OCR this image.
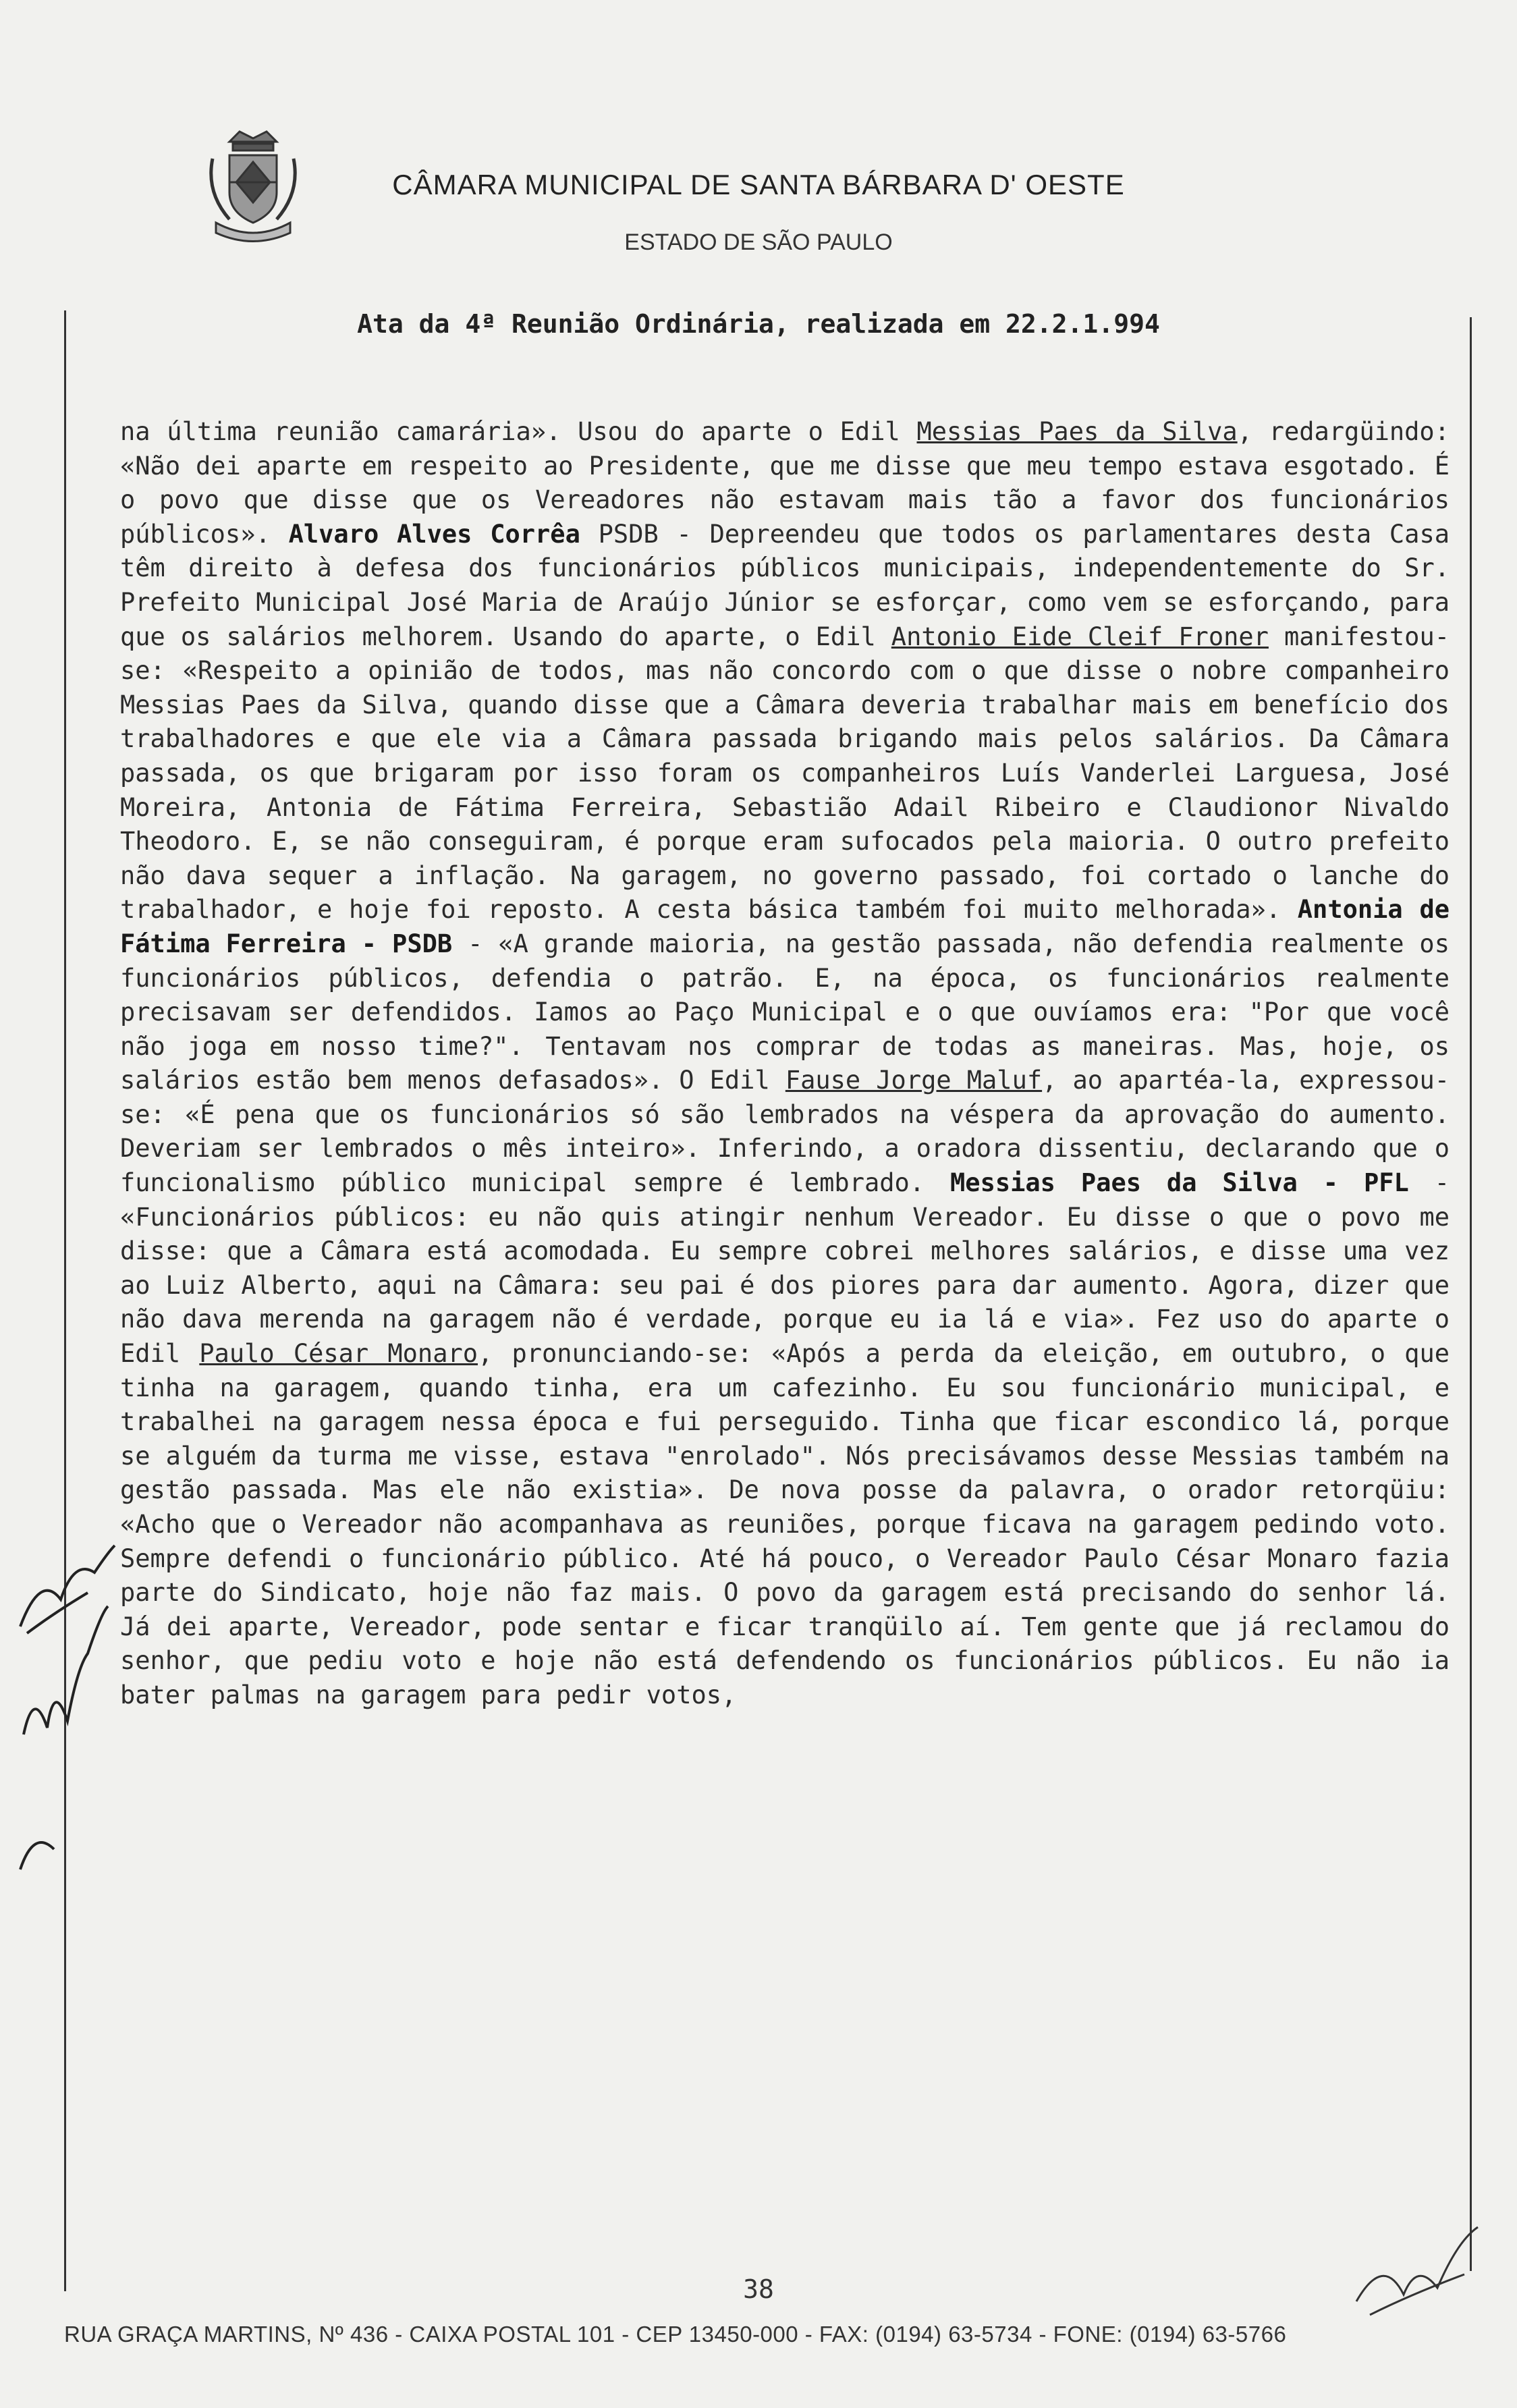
CÂMARA MUNICIPAL DE SANTA BÁRBARA D' OESTE
ESTADO DE SÃO PAULO
Ata da 4ª Reunião Ordinária, realizada em 22.2.1.994
na última reunião camarária». Usou do aparte o Edil Messias Paes da Silva, redargüindo: «Não dei aparte em respeito ao Presidente, que me disse que meu tempo estava esgotado. É o povo que disse que os Vereadores não estavam mais tão a favor dos funcionários públicos». Alvaro Alves Corrêa PSDB - Depreendeu que todos os parlamentares desta Casa têm direito à defesa dos funcionários públicos municipais, independentemente do Sr. Prefeito Municipal José Maria de Araújo Júnior se esforçar, como vem se esforçando, para que os salários melhorem. Usando do aparte, o Edil Antonio Eide Cleif Froner manifestou-se: «Respeito a opinião de todos, mas não concordo com o que disse o nobre companheiro Messias Paes da Silva, quando disse que a Câmara deveria trabalhar mais em benefício dos trabalhadores e que ele via a Câmara passada brigando mais pelos salários. Da Câmara passada, os que brigaram por isso foram os companheiros Luís Vanderlei Larguesa, José Moreira, Antonia de Fátima Ferreira, Sebastião Adail Ribeiro e Claudionor Nivaldo Theodoro. E, se não conseguiram, é porque eram sufocados pela maioria. O outro prefeito não dava sequer a inflação. Na garagem, no governo passado, foi cortado o lanche do trabalhador, e hoje foi reposto. A cesta básica também foi muito melhorada». Antonia de Fátima Ferreira - PSDB - «A grande maioria, na gestão passada, não defendia realmente os funcionários públicos, defendia o patrão. E, na época, os funcionários realmente precisavam ser defendidos. Iamos ao Paço Municipal e o que ouvíamos era: "Por que você não joga em nosso time?". Tentavam nos comprar de todas as maneiras. Mas, hoje, os salários estão bem menos defasados». O Edil Fause Jorge Maluf, ao apartéa-la, expressou-se: «É pena que os funcionários só são lembrados na véspera da aprovação do aumento. Deveriam ser lembrados o mês inteiro». Inferindo, a oradora dissentiu, declarando que o funcionalismo público municipal sempre é lembrado. Messias Paes da Silva - PFL - «Funcionários públicos: eu não quis atingir nenhum Vereador. Eu disse o que o povo me disse: que a Câmara está acomodada. Eu sempre cobrei melhores salários, e disse uma vez ao Luiz Alberto, aqui na Câmara: seu pai é dos piores para dar aumento. Agora, dizer que não dava merenda na garagem não é verdade, porque eu ia lá e via». Fez uso do aparte o Edil Paulo César Monaro, pronunciando-se: «Após a perda da eleição, em outubro, o que tinha na garagem, quando tinha, era um cafezinho. Eu sou funcionário municipal, e trabalhei na garagem nessa época e fui perseguido. Tinha que ficar escondico lá, porque se alguém da turma me visse, estava "enrolado". Nós precisávamos desse Messias também na gestão passada. Mas ele não existia». De nova posse da palavra, o orador retorqüiu: «Acho que o Vereador não acompanhava as reuniões, porque ficava na garagem pedindo voto. Sempre defendi o funcionário público. Até há pouco, o Vereador Paulo César Monaro fazia parte do Sindicato, hoje não faz mais. O povo da garagem está precisando do senhor lá. Já dei aparte, Vereador, pode sentar e ficar tranqüilo aí. Tem gente que já reclamou do senhor, que pediu voto e hoje não está defendendo os funcionários públicos. Eu não ia bater palmas na garagem para pedir votos,
38
RUA GRAÇA MARTINS, Nº 436 - CAIXA POSTAL 101 - CEP 13450-000 - FAX: (0194) 63-5734 - FONE: (0194) 63-5766
